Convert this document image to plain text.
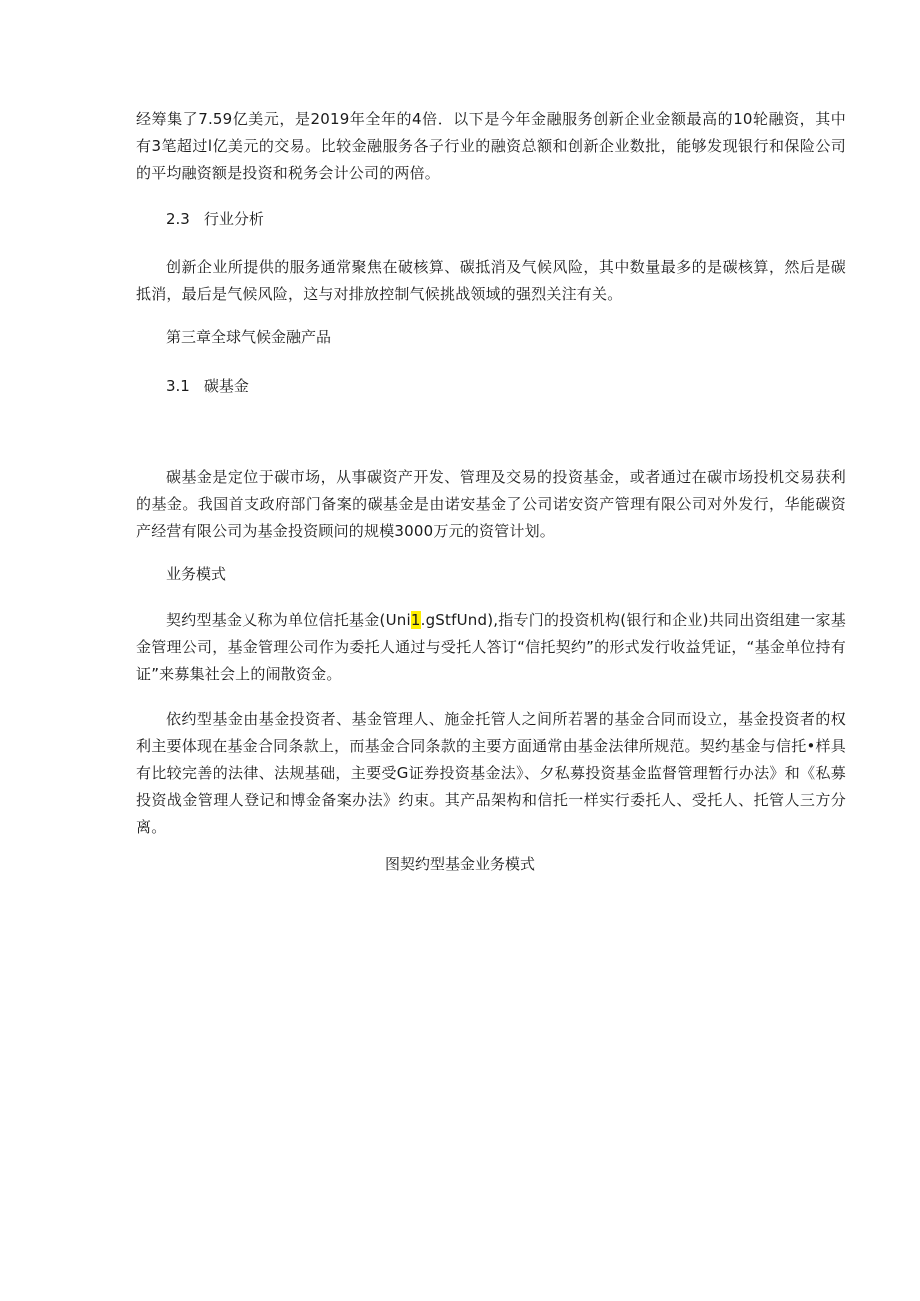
经筹集了7.59亿美元，是2019年全年的4倍．以下是今年金融服务创新企业金额最高的10轮融资，其中有3笔超过l亿美元的交易。比较金融服务各子行业的融资总额和创新企业数批，能够发现银行和保险公司的平均融资额是投资和税务会计公司的两倍。

2.3 行业分析

创新企业所提供的服务通常聚焦在破核算、碳抵消及气候风险，其中数量最多的是碳核算，然后是碳抵消，最后是气候风险，这与对排放控制气候挑战领域的强烈关注有关。

第三章全球气候金融产品

3.1 碳基金

碳基金是定位于碳市场，从事碳资产开发、管理及交易的投资基金，或者通过在碳市场投机交易获利的基金。我国首支政府部门备案的碳基金是由诺安基金了公司诺安资产管理有限公司对外发行，华能碳资产经营有限公司为基金投资顾问的规模3000万元的资管计划。

业务模式

契约型基金乂称为单位信托基金(Uni1.gStfUnd),指专门的投资机构(银行和企业)共同出资组建一家基金管理公司，基金管理公司作为委托人通过与受托人答订“信托契约”的形式发行收益凭证，“基金单位持有证”来募集社会上的闹散资金。

依约型基金由基金投资者、基金管理人、施金托管人之间所若署的基金合同而设立，基金投资者的权利主要体现在基金合同条款上，而基金合同条款的主要方面通常由基金法律所规范。契约基金与信托•样具有比较完善的法律、法规基础，主要受G证券投资基金法》、夕私募投资基金监督管理暂行办法》和《私募投资战金管理人登记和博金备案办法》约束。其产品架构和信托一样实行委托人、受托人、托管人三方分离。

图契约型基金业务模式
